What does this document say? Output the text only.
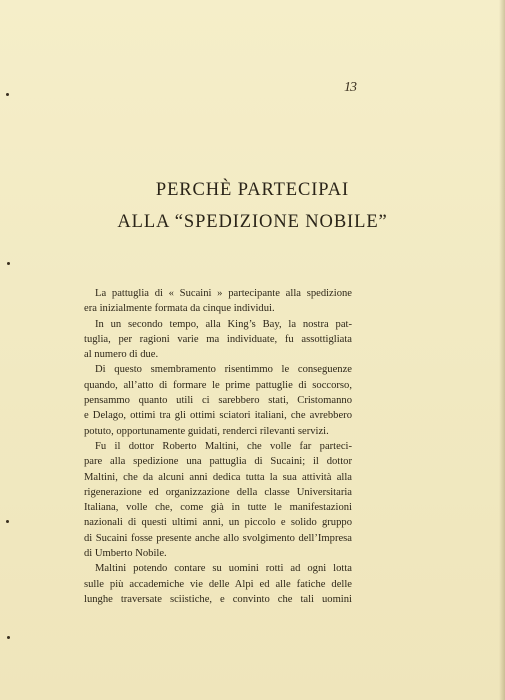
13
PERCHÈ PARTECIPAI
ALLA “SPEDIZIONE NOBILE”
La pattuglia di « Sucaini » partecipante alla spedizione
era inizialmente formata da cinque individui.
In un secondo tempo, alla King’s Bay, la nostra pat-
tuglia, per ragioni varie ma individuate, fu assottigliata
al numero di due.
Di questo smembramento risentimmo le conseguenze
quando, all’atto di formare le prime pattuglie di soccorso,
pensammo quanto utili ci sarebbero stati, Cristomanno
e Delago, ottimi tra gli ottimi sciatori italiani, che avrebbero
potuto, opportunamente guidati, renderci rilevanti servizi.
Fu il dottor Roberto Maltini, che volle far parteci-
pare alla spedizione una pattuglia di Sucaini; il dottor
Maltini, che da alcuni anni dedica tutta la sua attività alla
rigenerazione ed organizzazione della classe Universitaria
Italiana, volle che, come già in tutte le manifestazioni
nazionali di questi ultimi anni, un piccolo e solido gruppo
di Sucaini fosse presente anche allo svolgimento dell’Impresa
di Umberto Nobile.
Maltini potendo contare su uomini rotti ad ogni lotta
sulle più accademiche vie delle Alpi ed alle fatiche delle
lunghe traversate sciistiche, e convinto che tali uomini
